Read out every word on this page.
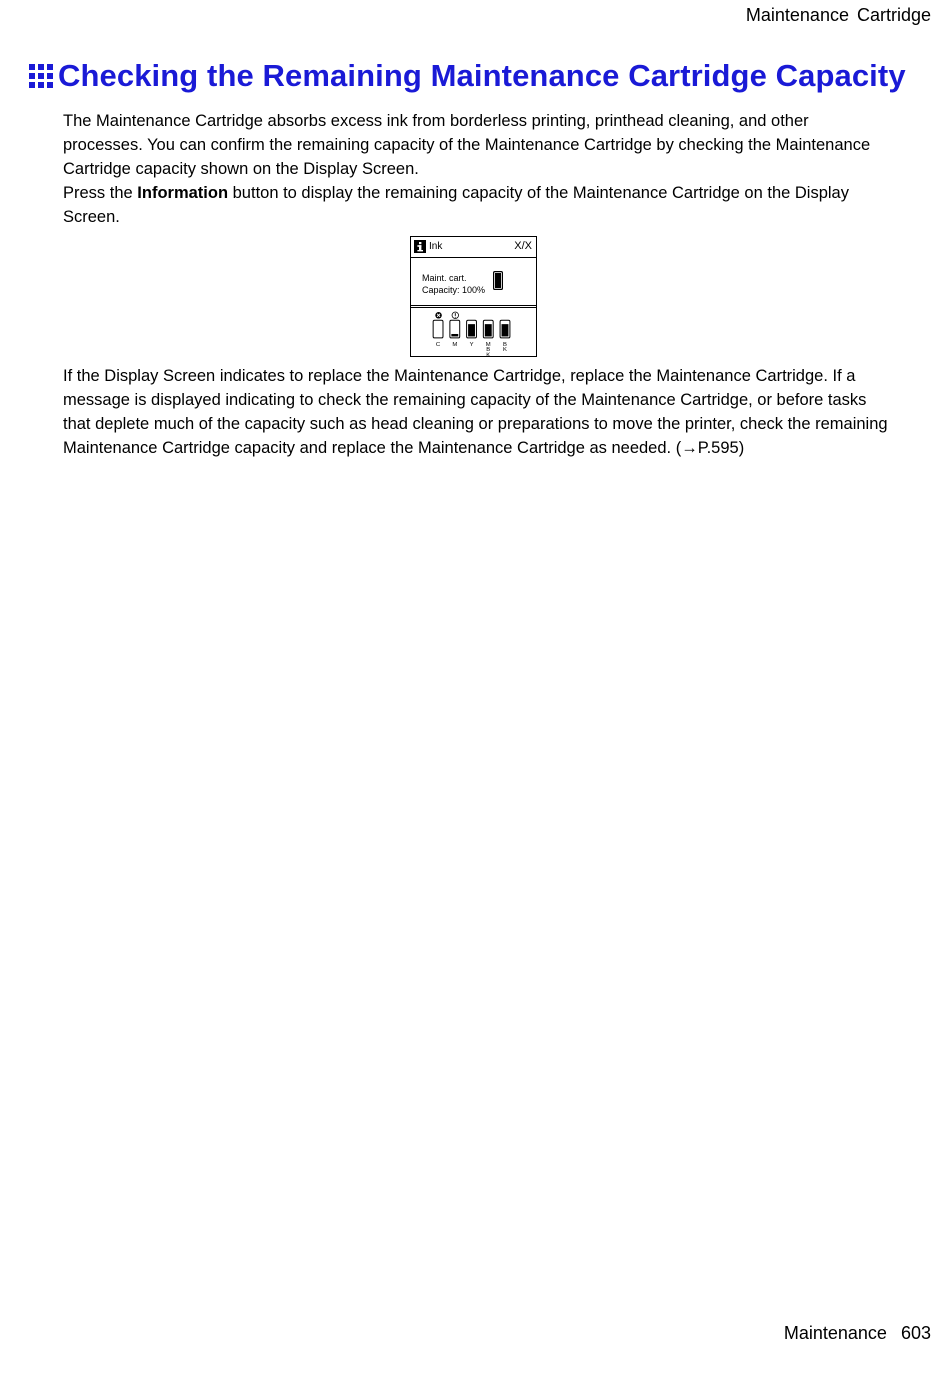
Maintenance Cartridge
Checking the Remaining Maintenance Cartridge Capacity

The Maintenance Cartridge absorbs excess ink from borderless printing, printhead cleaning, and other processes. You can confirm the remaining capacity of the Maintenance Cartridge by checking the Maintenance Cartridge capacity shown on the Display Screen.

Press the Information button to display the remaining capacity of the Maintenance Cartridge on the Display Screen.

Ink	X/X
Maint. cart.
Capacity: 100%
C M Y M B K
B K

If the Display Screen indicates to replace the Maintenance Cartridge, replace the Maintenance Cartridge. If a message is displayed indicating to check the remaining capacity of the Maintenance Cartridge, or before tasks that deplete much of the capacity such as head cleaning or preparations to move the printer, check the remaining Maintenance Cartridge capacity and replace the Maintenance Cartridge as needed. (→P.595)

Maintenance 603
